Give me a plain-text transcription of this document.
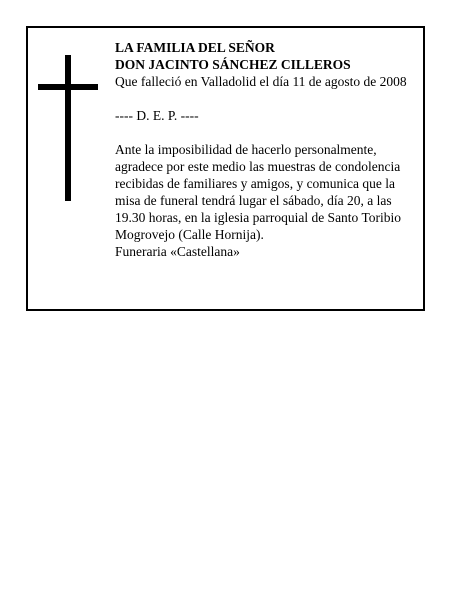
LA FAMILIA DEL SEÑOR

DON JACINTO SÁNCHEZ CILLEROS

Que falleció en Valladolid el día 11 de agosto de 2008

---- D. E. P. ----

Ante la imposibilidad de hacerlo personalmente, agradece por este medio las muestras de condolencia recibidas de familiares y amigos, y comunica que la misa de funeral tendrá lugar el sábado, día 20, a las 19.30 horas, en la iglesia parroquial de Santo Toribio Mogrovejo (Calle Hornija).

Funeraria «Castellana»
